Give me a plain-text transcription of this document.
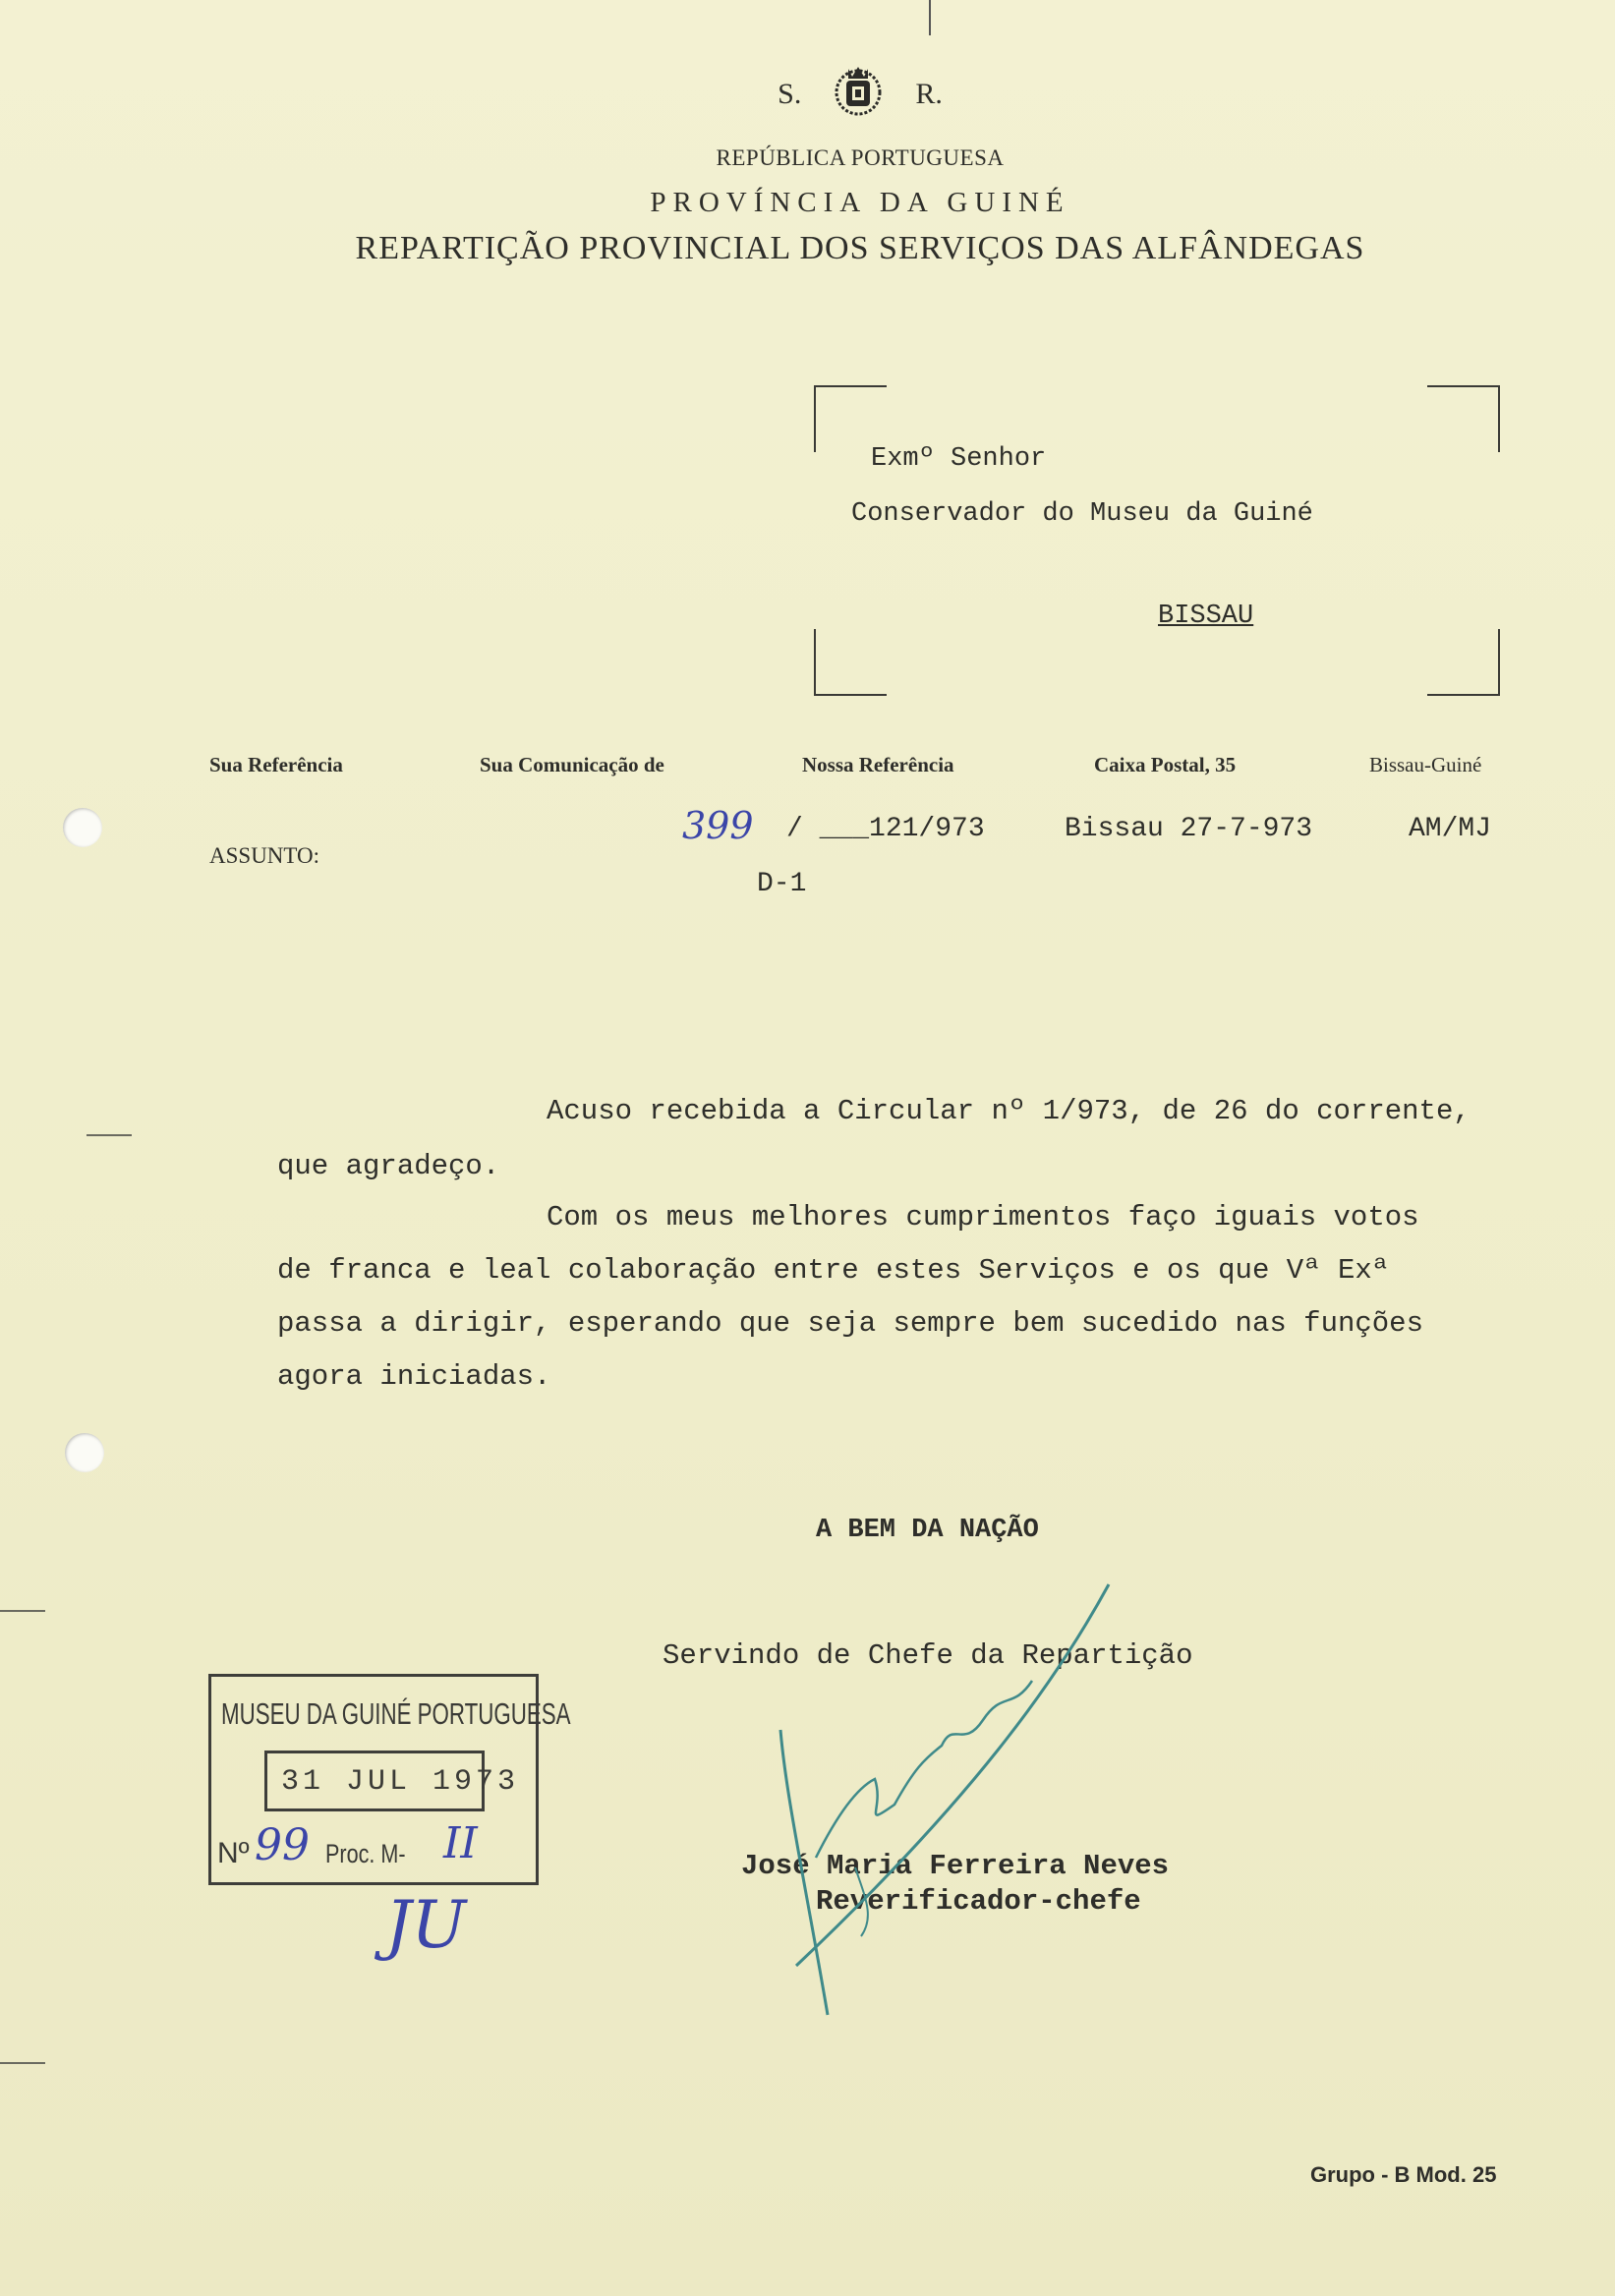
S.	R.
REPÚBLICA PORTUGUESA
PROVÍNCIA DA GUINÉ
REPARTIÇÃO PROVINCIAL DOS SERVIÇOS DAS ALFÂNDEGAS
Exmº Senhor
Conservador do Museu da Guiné
BISSAU
Sua Referência	Sua Comunicação de	Nossa Referência	Caixa Postal, 35	Bissau-Guiné
ASSUNTO:
399 / ___121/973	Bissau 27-7-973	AM/MJ
D-1
Acuso recebida a Circular nº 1/973, de 26 do corrente,
que agradeço.
Com os meus melhores cumprimentos faço iguais votos
de franca e leal colaboração entre estes Serviços e os que Vª Exª
passa a dirigir, esperando que seja sempre bem sucedido nas funções
agora iniciadas.
A BEM DA NAÇÃO
Servindo de Chefe da Repartição
José Maria Ferreira Neves
Reverificador-chefe
MUSEU DA GUINÉ PORTUGUESA
31 JUL 1973
Nº 99 Proc. M- II
JU
Grupo - B Mod. 25
